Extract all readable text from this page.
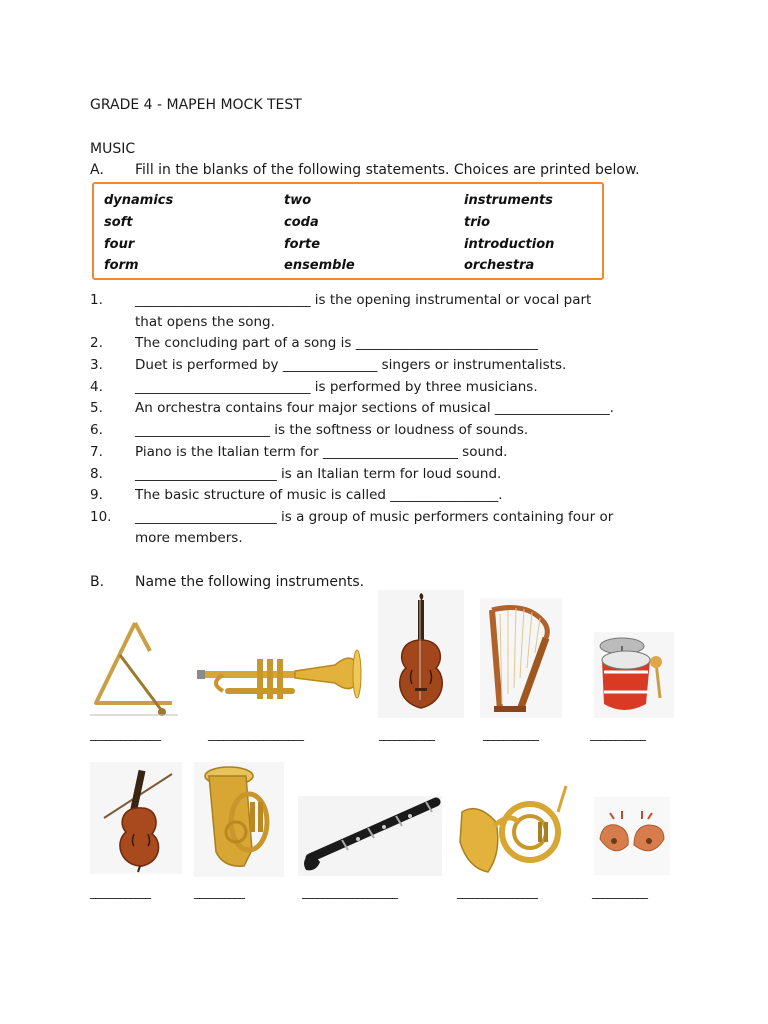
GRADE 4 - MAPEH MOCK TEST
MUSIC
A. Fill in the blanks of the following statements. Choices are printed below.
dynamics	two	instruments
soft	coda	trio
four	forte	introduction
form	ensemble	orchestra
1. __________________________ is the opening instrumental or vocal part
that opens the song.
2. The concluding part of a song is ___________________________
3. Duet is performed by ______________ singers or instrumentalists.
4. __________________________ is performed by three musicians.
5. An orchestra contains four major sections of musical _________________.
6. ____________________ is the softness or loudness of sounds.
7. Piano is the Italian term for ____________________ sound.
8. _____________________ is an Italian term for loud sound.
9. The basic structure of music is called ________________.
10. _____________________ is a group of music performers containing four or
more members.
B. Name the following instruments.
______________	___________________	___________	___________	___________
____________	__________	___________________	________________	___________
